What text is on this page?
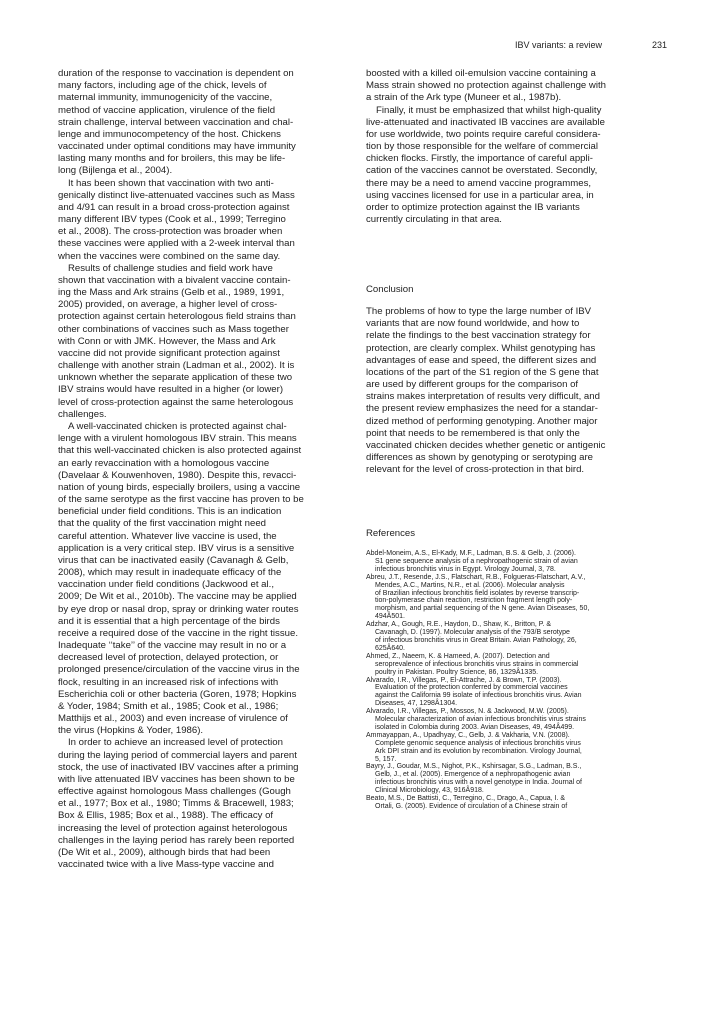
IBV variants: a review	231
duration of the response to vaccination is dependent on
many factors, including age of the chick, levels of
maternal immunity, immunogenicity of the vaccine,
method of vaccine application, virulence of the field
strain challenge, interval between vaccination and chal-
lenge and immunocompetency of the host. Chickens
vaccinated under optimal conditions may have immunity
lasting many months and for broilers, this may be life-
long (Bijlenga et al., 2004).
It has been shown that vaccination with two anti-
genically distinct live-attenuated vaccines such as Mass
and 4/91 can result in a broad cross-protection against
many different IBV types (Cook et al., 1999; Terregino
et al., 2008). The cross-protection was broader when
these vaccines were applied with a 2-week interval than
when the vaccines were combined on the same day.
Results of challenge studies and field work have
shown that vaccination with a bivalent vaccine contain-
ing the Mass and Ark strains (Gelb et al., 1989, 1991,
2005) provided, on average, a higher level of cross-
protection against certain heterologous field strains than
other combinations of vaccines such as Mass together
with Conn or with JMK. However, the Mass and Ark
vaccine did not provide significant protection against
challenge with another strain (Ladman et al., 2002). It is
unknown whether the separate application of these two
IBV strains would have resulted in a higher (or lower)
level of cross-protection against the same heterologous
challenges.
A well-vaccinated chicken is protected against chal-
lenge with a virulent homologous IBV strain. This means
that this well-vaccinated chicken is also protected against
an early revaccination with a homologous vaccine
(Davelaar & Kouwenhoven, 1980). Despite this, revacci-
nation of young birds, especially broilers, using a vaccine
of the same serotype as the first vaccine has proven to be
beneficial under field conditions. This is an indication
that the quality of the first vaccination might need
careful attention. Whatever live vaccine is used, the
application is a very critical step. IBV virus is a sensitive
virus that can be inactivated easily (Cavanagh & Gelb,
2008), which may result in inadequate efficacy of the
vaccination under field conditions (Jackwood et al.,
2009; De Wit et al., 2010b). The vaccine may be applied
by eye drop or nasal drop, spray or drinking water routes
and it is essential that a high percentage of the birds
receive a required dose of the vaccine in the right tissue.
Inadequate ‘‘take’’ of the vaccine may result in no or a
decreased level of protection, delayed protection, or
prolonged presence/circulation of the vaccine virus in the
flock, resulting in an increased risk of infections with
Escherichia coli or other bacteria (Goren, 1978; Hopkins
& Yoder, 1984; Smith et al., 1985; Cook et al., 1986;
Matthijs et al., 2003) and even increase of virulence of
the virus (Hopkins & Yoder, 1986).
In order to achieve an increased level of protection
during the laying period of commercial layers and parent
stock, the use of inactivated IBV vaccines after a priming
with live attenuated IBV vaccines has been shown to be
effective against homologous Mass challenges (Gough
et al., 1977; Box et al., 1980; Timms & Bracewell, 1983;
Box & Ellis, 1985; Box et al., 1988). The efficacy of
increasing the level of protection against heterologous
challenges in the laying period has rarely been reported
(De Wit et al., 2009), although birds that had been
vaccinated twice with a live Mass-type vaccine and
boosted with a killed oil-emulsion vaccine containing a
Mass strain showed no protection against challenge with
a strain of the Ark type (Muneer et al., 1987b).
Finally, it must be emphasized that whilst high-quality
live-attenuated and inactivated IB vaccines are available
for use worldwide, two points require careful considera-
tion by those responsible for the welfare of commercial
chicken flocks. Firstly, the importance of careful appli-
cation of the vaccines cannot be overstated. Secondly,
there may be a need to amend vaccine programmes,
using vaccines licensed for use in a particular area, in
order to optimize protection against the IB variants
currently circulating in that area.
Conclusion
The problems of how to type the large number of IBV
variants that are now found worldwide, and how to
relate the findings to the best vaccination strategy for
protection, are clearly complex. Whilst genotyping has
advantages of ease and speed, the different sizes and
locations of the part of the S1 region of the S gene that
are used by different groups for the comparison of
strains makes interpretation of results very difficult, and
the present review emphasizes the need for a standar-
dized method of performing genotyping. Another major
point that needs to be remembered is that only the
vaccinated chicken decides whether genetic or antigenic
differences as shown by genotyping or serotyping are
relevant for the level of cross-protection in that bird.
References
Abdel-Moneim, A.S., El-Kady, M.F., Ladman, B.S. & Gelb, J. (2006).
S1 gene sequence analysis of a nephropathogenic strain of avian
infectious bronchitis virus in Egypt. Virology Journal, 3, 78.
Abreu, J.T., Resende, J.S., Flatschart, R.B., Folgueras-Flatschart, A.V.,
Mendes, A.C., Martins, N.R., et al. (2006). Molecular analysis
of Brazilian infectious bronchitis field isolates by reverse transcrip-
tion-polymerase chain reaction, restriction fragment length poly-
morphism, and partial sequencing of the N gene. Avian Diseases, 50,
494Â501.
Adzhar, A., Gough, R.E., Haydon, D., Shaw, K., Britton, P. &
Cavanagh, D. (1997). Molecular analysis of the 793/B serotype
of infectious bronchitis virus in Great Britain. Avian Pathology, 26,
625Â640.
Ahmed, Z., Naeem, K. & Hameed, A. (2007). Detection and
seroprevalence of infectious bronchitis virus strains in commercial
poultry in Pakistan. Poultry Science, 86, 1329Â1335.
Alvarado, I.R., Villegas, P., El-Attrache, J. & Brown, T.P. (2003).
Evaluation of the protection conferred by commercial vaccines
against the California 99 isolate of infectious bronchitis virus. Avian
Diseases, 47, 1298Â1304.
Alvarado, I.R., Villegas, P., Mossos, N. & Jackwood, M.W. (2005).
Molecular characterization of avian infectious bronchitis virus strains
isolated in Colombia during 2003. Avian Diseases, 49, 494Â499.
Ammayappan, A., Upadhyay, C., Gelb, J. & Vakharia, V.N. (2008).
Complete genomic sequence analysis of infectious bronchitis virus
Ark DPI strain and its evolution by recombination. Virology Journal,
5, 157.
Bayry, J., Goudar, M.S., Nighot, P.K., Kshirsagar, S.G., Ladman, B.S.,
Gelb, J., et al. (2005). Emergence of a nephropathogenic avian
infectious bronchitis virus with a novel genotype in India. Journal of
Clinical Microbiology, 43, 916Â918.
Beato, M.S., De Battisti, C., Terregino, C., Drago, A., Capua, I. &
Ortali, G. (2005). Evidence of circulation of a Chinese strain of
